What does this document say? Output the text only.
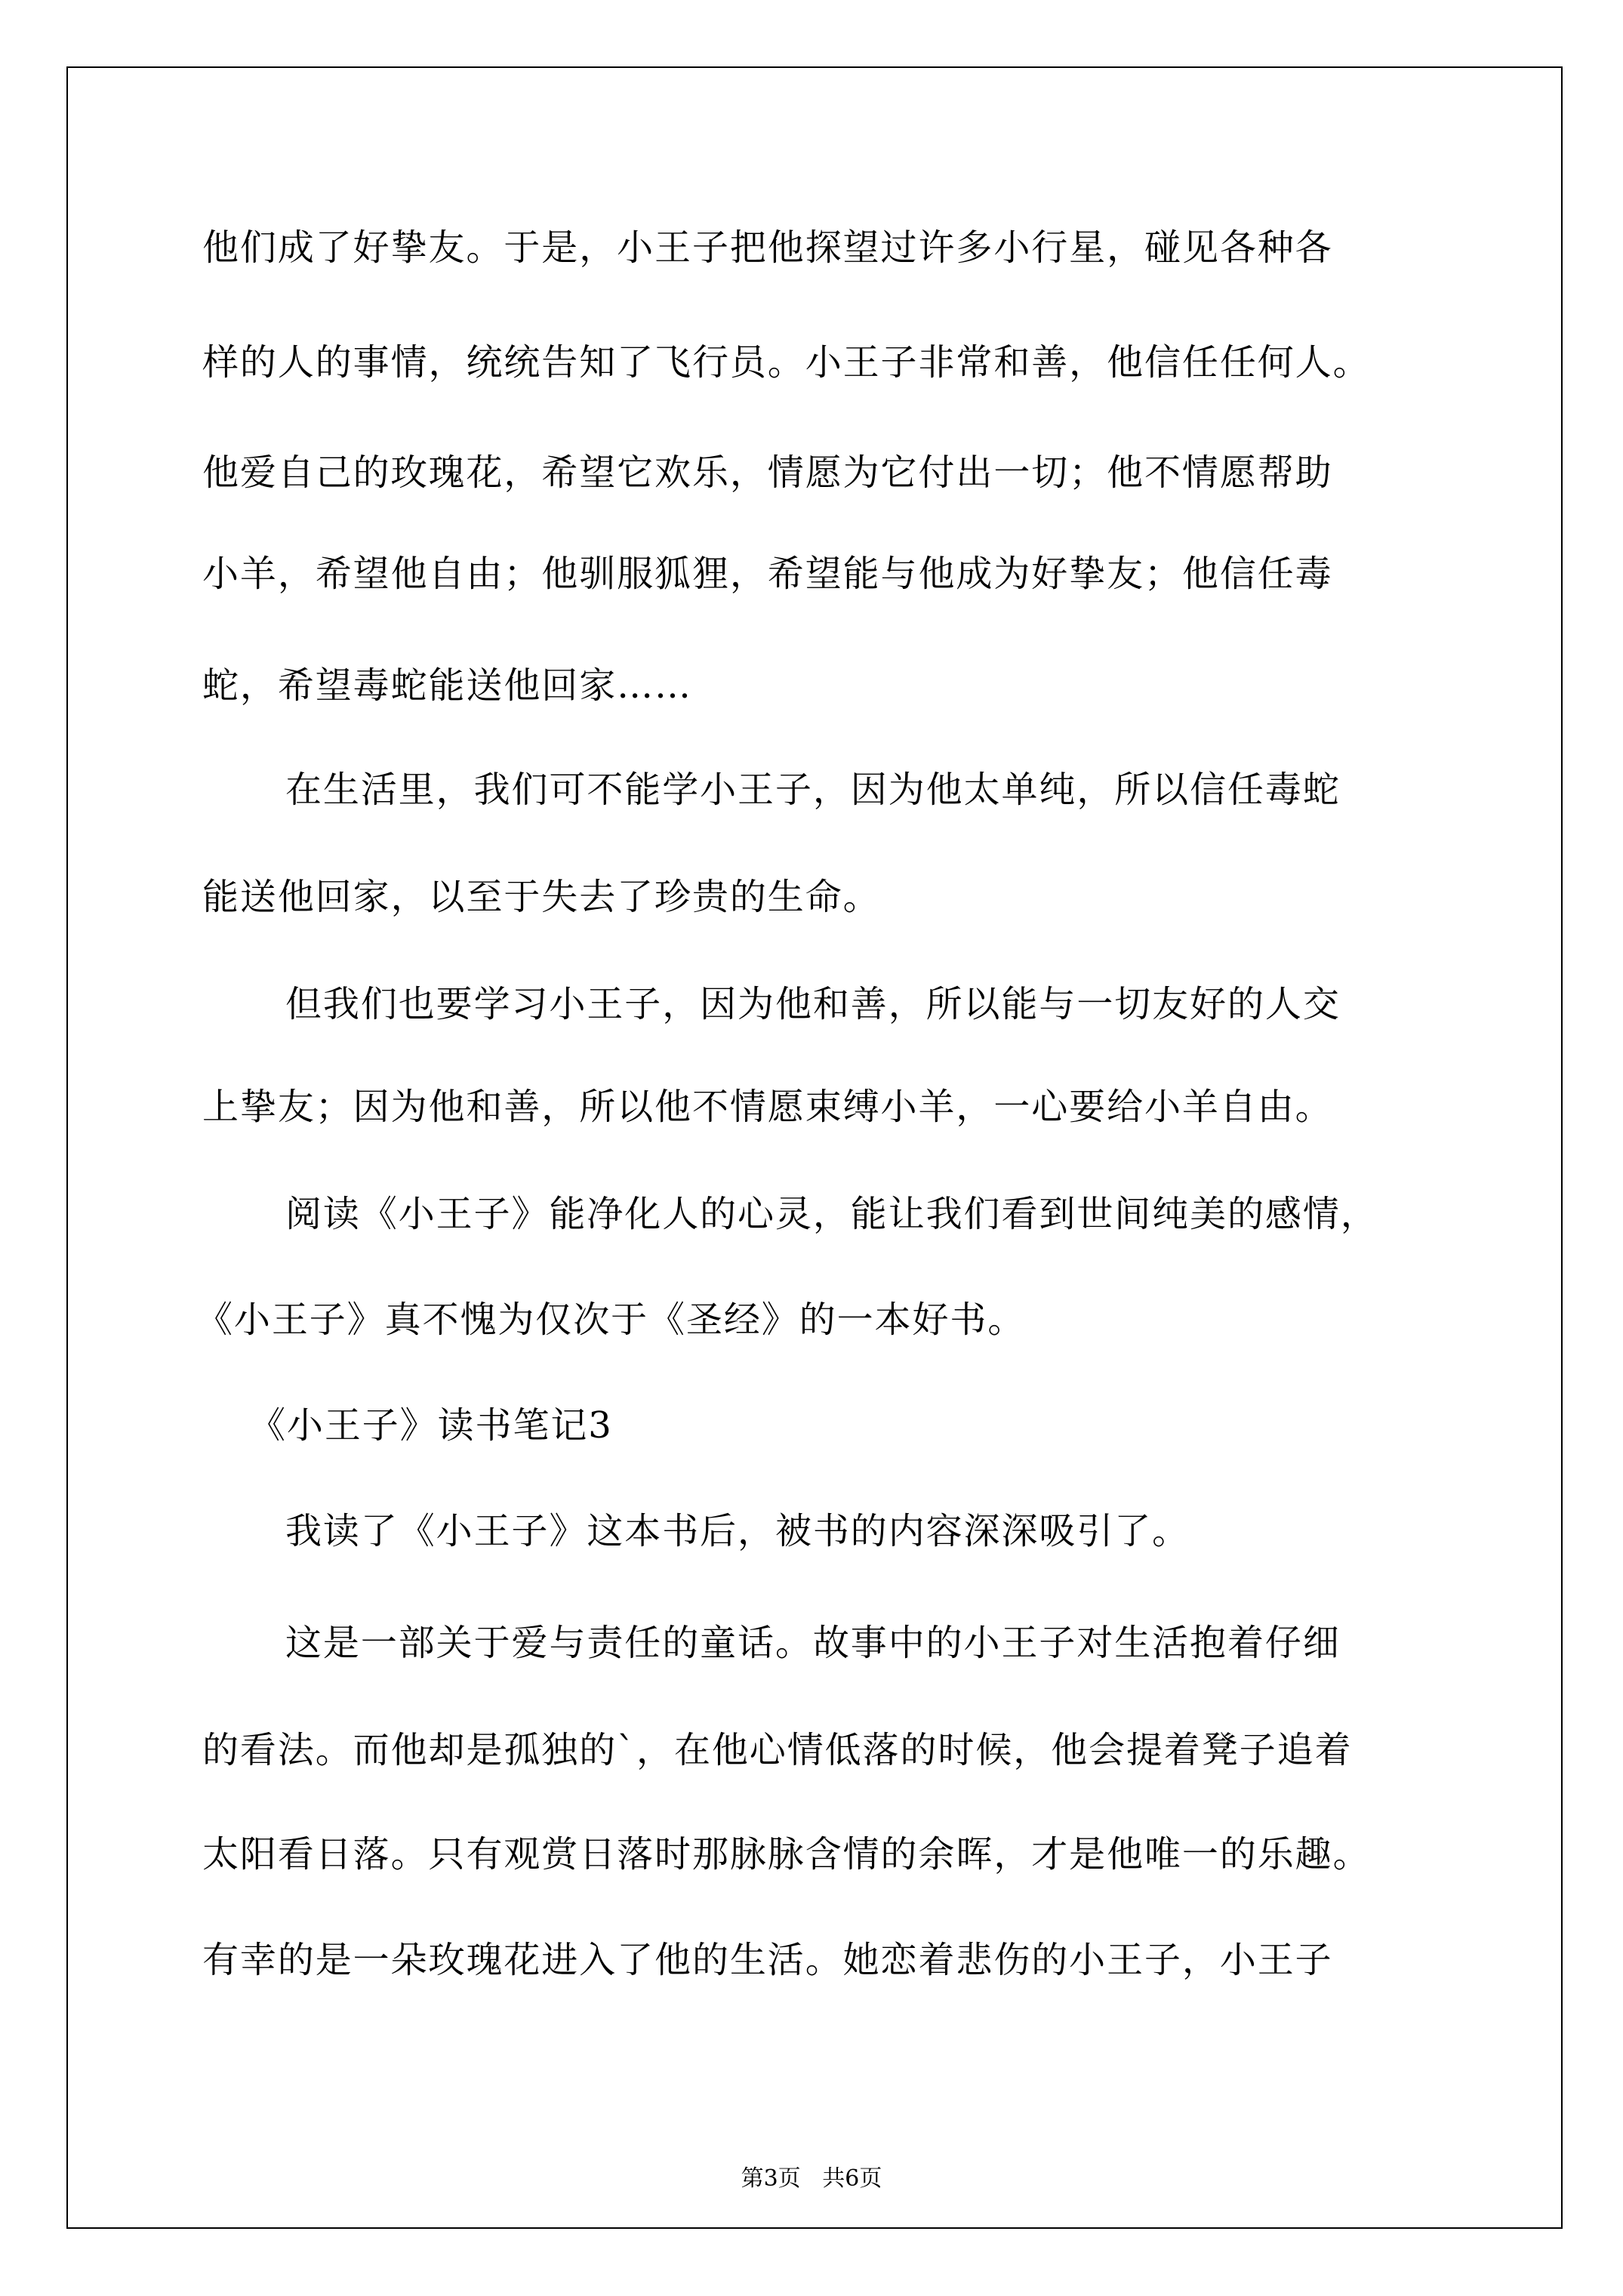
他们成了好挚友。于是，小王子把他探望过许多小行星，碰见各种各
样的人的事情，统统告知了飞行员。小王子非常和善，他信任任何人。
他爱自己的玫瑰花，希望它欢乐，情愿为它付出一切；他不情愿帮助
小羊，希望他自由；他驯服狐狸，希望能与他成为好挚友；他信任毒
蛇，希望毒蛇能送他回家……
在生活里，我们可不能学小王子，因为他太单纯，所以信任毒蛇
能送他回家，以至于失去了珍贵的生命。
但我们也要学习小王子，因为他和善，所以能与一切友好的人交
上挚友；因为他和善，所以他不情愿束缚小羊，一心要给小羊自由。
阅读《小王子》能净化人的心灵，能让我们看到世间纯美的感情，
《小王子》真不愧为仅次于《圣经》的一本好书。
《小王子》读书笔记3
我读了《小王子》这本书后，被书的内容深深吸引了。
这是一部关于爱与责任的童话。故事中的小王子对生活抱着仔细
的看法。而他却是孤独的`，在他心情低落的时候，他会提着凳子追着
太阳看日落。只有观赏日落时那脉脉含情的余晖，才是他唯一的乐趣。
有幸的是一朵玫瑰花进入了他的生活。她恋着悲伤的小王子，小王子
第3页   共6页
